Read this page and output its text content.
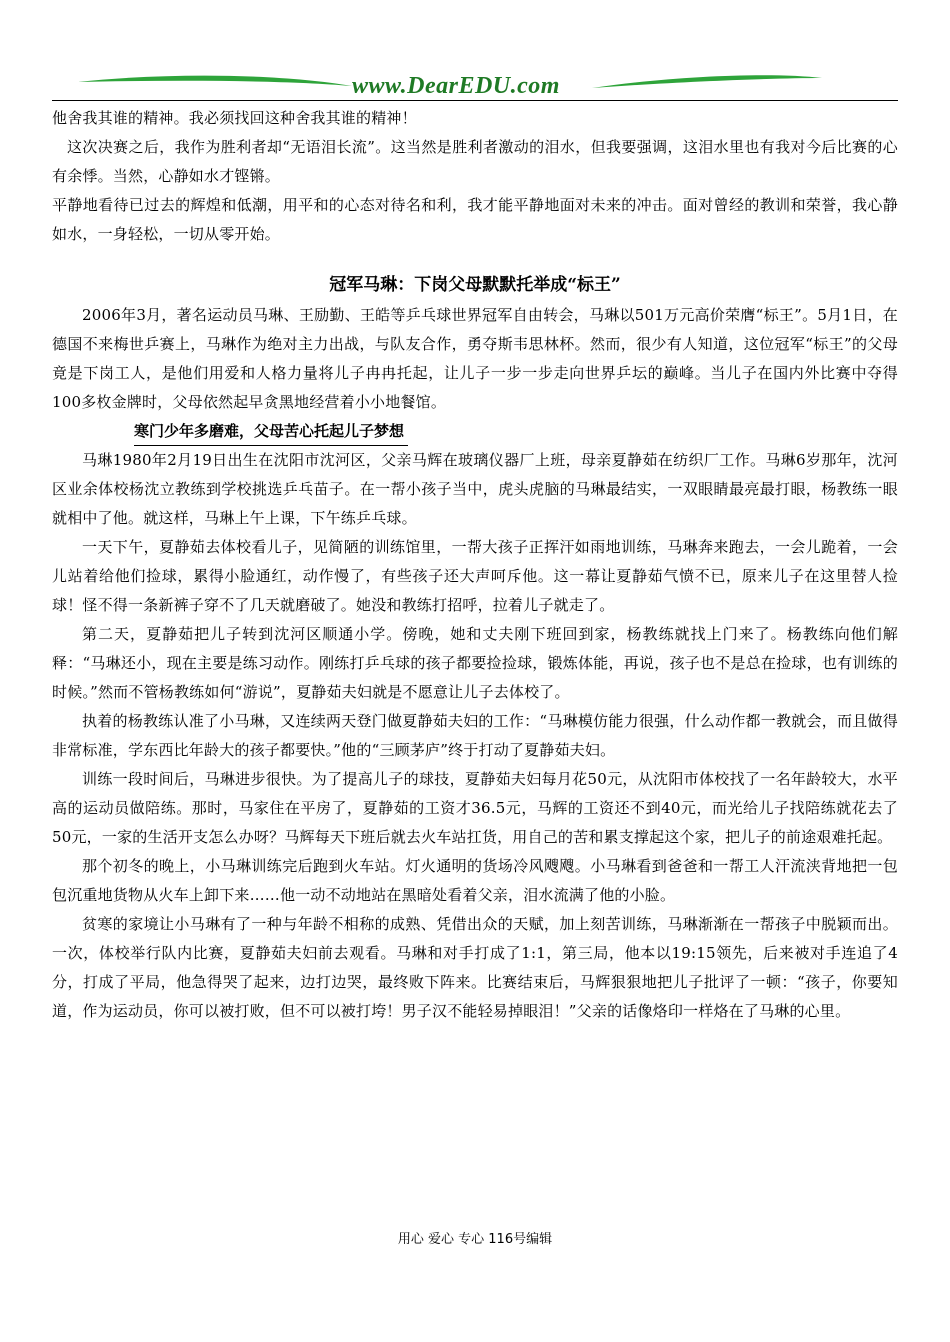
www.DearEDU.com

他舍我其谁的精神。我必须找回这种舍我其谁的精神！

这次决赛之后，我作为胜利者却“无语泪长流”。这当然是胜利者激动的泪水，但我要强调，这泪水里也有我对今后比赛的心有余悸。当然，心静如水才铿锵。

平静地看待已过去的辉煌和低潮，用平和的心态对待名和利，我才能平静地面对未来的冲击。面对曾经的教训和荣誉，我心静如水，一身轻松，一切从零开始。

冠军马琳：下岗父母默默托举成“标王”

2006年3月，著名运动员马琳、王励勤、王皓等乒乓球世界冠军自由转会，马琳以501万元高价荣膺“标王”。5月1日，在德国不来梅世乒赛上，马琳作为绝对主力出战，与队友合作，勇夺斯韦思林杯。然而，很少有人知道，这位冠军“标王”的父母竟是下岗工人，是他们用爱和人格力量将儿子冉冉托起，让儿子一步一步走向世界乒坛的巅峰。当儿子在国内外比赛中夺得100多枚金牌时，父母依然起早贪黑地经营着小小地餐馆。

寒门少年多磨难，父母苦心托起儿子梦想

马琳1980年2月19日出生在沈阳市沈河区，父亲马辉在玻璃仪器厂上班，母亲夏静茹在纺织厂工作。马琳6岁那年，沈河区业余体校杨沈立教练到学校挑选乒乓苗子。在一帮小孩子当中，虎头虎脑的马琳最结实，一双眼睛最亮最打眼，杨教练一眼就相中了他。就这样，马琳上午上课，下午练乒乓球。

一天下午，夏静茹去体校看儿子，见简陋的训练馆里，一帮大孩子正挥汗如雨地训练，马琳奔来跑去，一会儿跪着，一会儿站着给他们捡球，累得小脸通红，动作慢了，有些孩子还大声呵斥他。这一幕让夏静茹气愤不已，原来儿子在这里替人捡球！怪不得一条新裤子穿不了几天就磨破了。她没和教练打招呼，拉着儿子就走了。

第二天，夏静茹把儿子转到沈河区顺通小学。傍晚，她和丈夫刚下班回到家，杨教练就找上门来了。杨教练向他们解释：“马琳还小，现在主要是练习动作。刚练打乒乓球的孩子都要捡捡球，锻炼体能，再说，孩子也不是总在捡球，也有训练的时候。”然而不管杨教练如何“游说”，夏静茹夫妇就是不愿意让儿子去体校了。

执着的杨教练认准了小马琳，又连续两天登门做夏静茹夫妇的工作：“马琳模仿能力很强，什么动作都一教就会，而且做得非常标准，学东西比年龄大的孩子都要快。”他的“三顾茅庐”终于打动了夏静茹夫妇。

训练一段时间后，马琳进步很快。为了提高儿子的球技，夏静茹夫妇每月花50元，从沈阳市体校找了一名年龄较大，水平高的运动员做陪练。那时，马家住在平房了，夏静茹的工资才36.5元，马辉的工资还不到40元，而光给儿子找陪练就花去了50元，一家的生活开支怎么办呀？马辉每天下班后就去火车站扛货，用自己的苦和累支撑起这个家，把儿子的前途艰难托起。

那个初冬的晚上，小马琳训练完后跑到火车站。灯火通明的货场冷风飕飕。小马琳看到爸爸和一帮工人汗流浃背地把一包包沉重地货物从火车上卸下来……他一动不动地站在黑暗处看着父亲，泪水流满了他的小脸。

贫寒的家境让小马琳有了一种与年龄不相称的成熟、凭借出众的天赋，加上刻苦训练，马琳渐渐在一帮孩子中脱颖而出。一次，体校举行队内比赛，夏静茹夫妇前去观看。马琳和对手打成了1:1，第三局，他本以19:15领先，后来被对手连追了4分，打成了平局，他急得哭了起来，边打边哭，最终败下阵来。比赛结束后，马辉狠狠地把儿子批评了一顿：“孩子，你要知道，作为运动员，你可以被打败，但不可以被打垮！男子汉不能轻易掉眼泪！”父亲的话像烙印一样烙在了马琳的心里。

用心 爱心 专心 116号编辑
